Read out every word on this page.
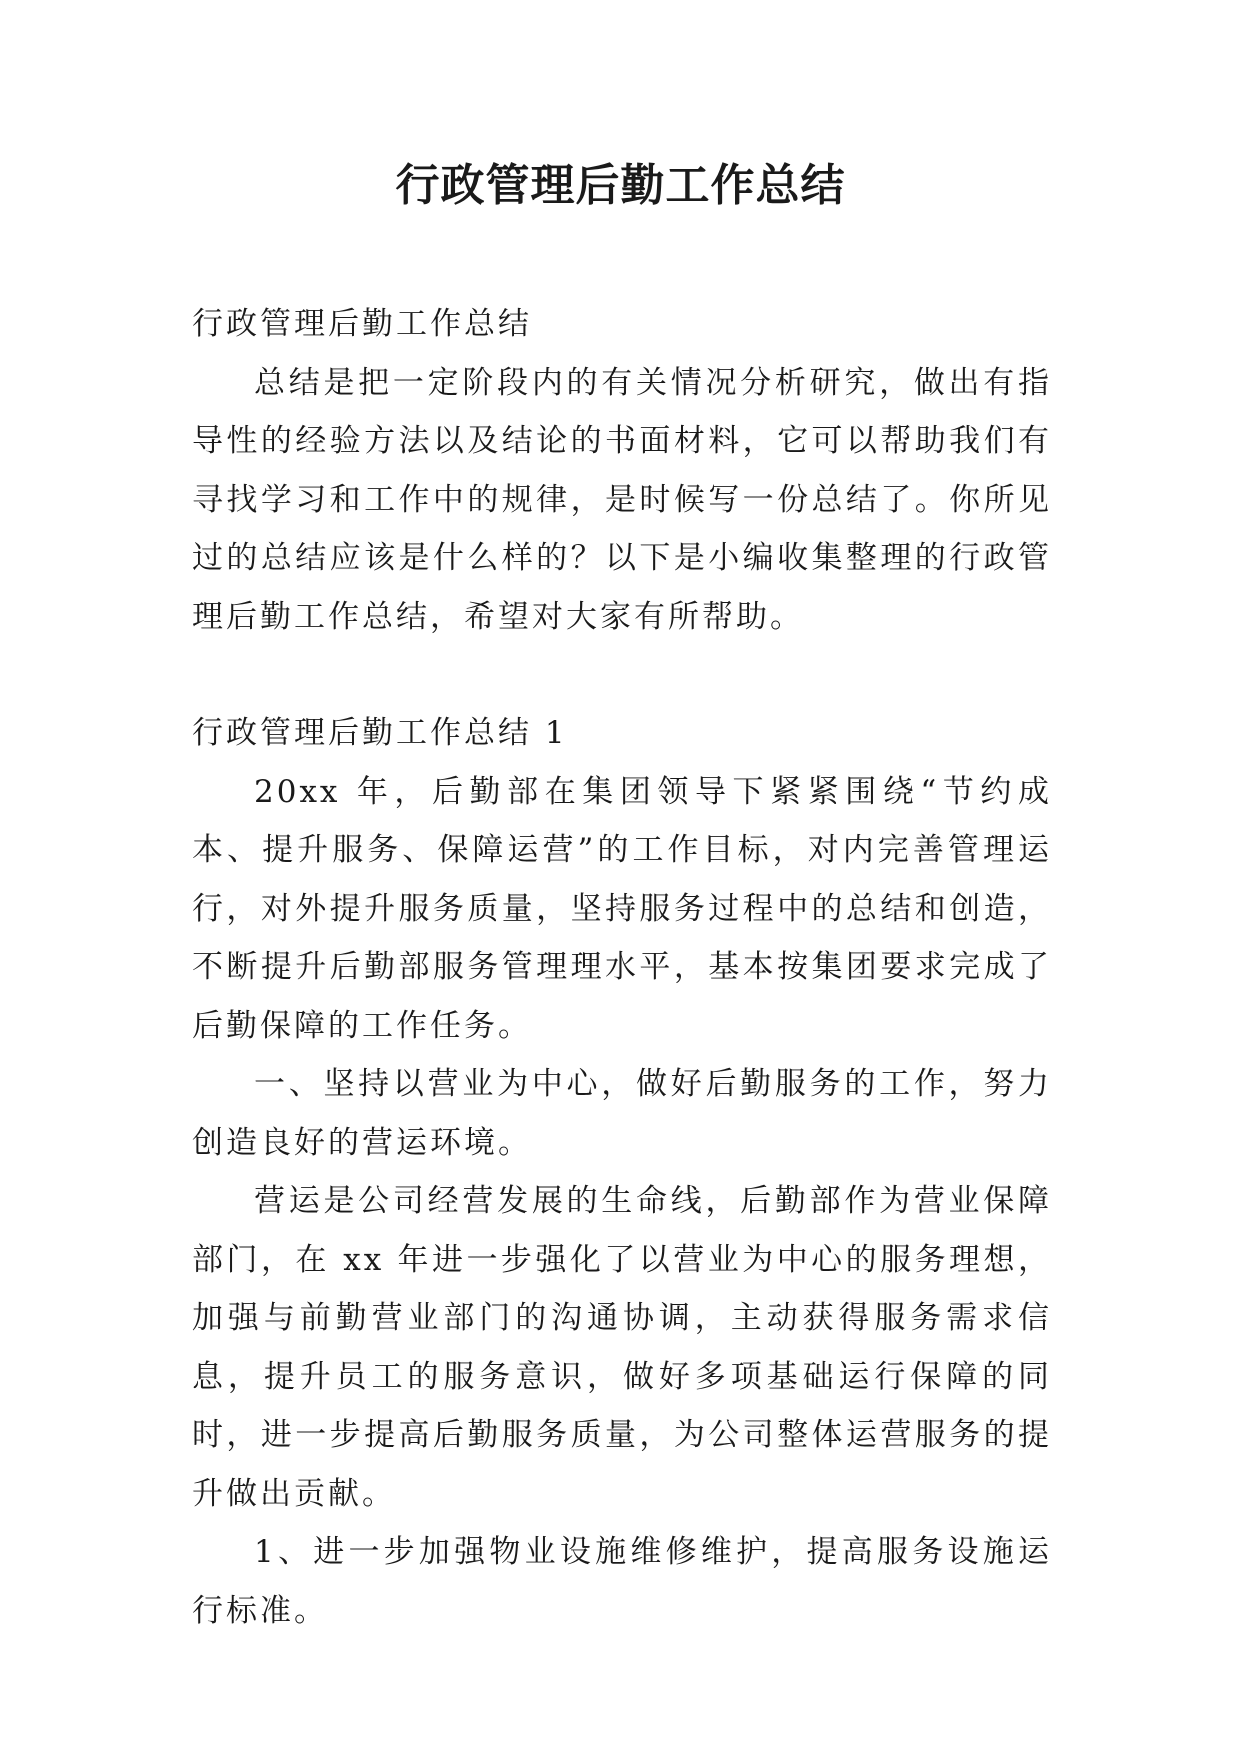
行政管理后勤工作总结

行政管理后勤工作总结

总结是把一定阶段内的有关情况分析研究，做出有指导性的经验方法以及结论的书面材料，它可以帮助我们有寻找学习和工作中的规律，是时候写一份总结了。你所见过的总结应该是什么样的？以下是小编收集整理的行政管理后勤工作总结，希望对大家有所帮助。

行政管理后勤工作总结 1

20xx 年，后勤部在集团领导下紧紧围绕“节约成本、提升服务、保障运营”的工作目标，对内完善管理运行，对外提升服务质量，坚持服务过程中的总结和创造，不断提升后勤部服务管理理水平，基本按集团要求完成了后勤保障的工作任务。

一、坚持以营业为中心，做好后勤服务的工作，努力创造良好的营运环境。

营运是公司经营发展的生命线，后勤部作为营业保障部门，在 xx 年进一步强化了以营业为中心的服务理想，加强与前勤营业部门的沟通协调，主动获得服务需求信息，提升员工的服务意识，做好多项基础运行保障的同时，进一步提高后勤服务质量，为公司整体运营服务的提升做出贡献。

1、进一步加强物业设施维修维护，提高服务设施运行标准。
